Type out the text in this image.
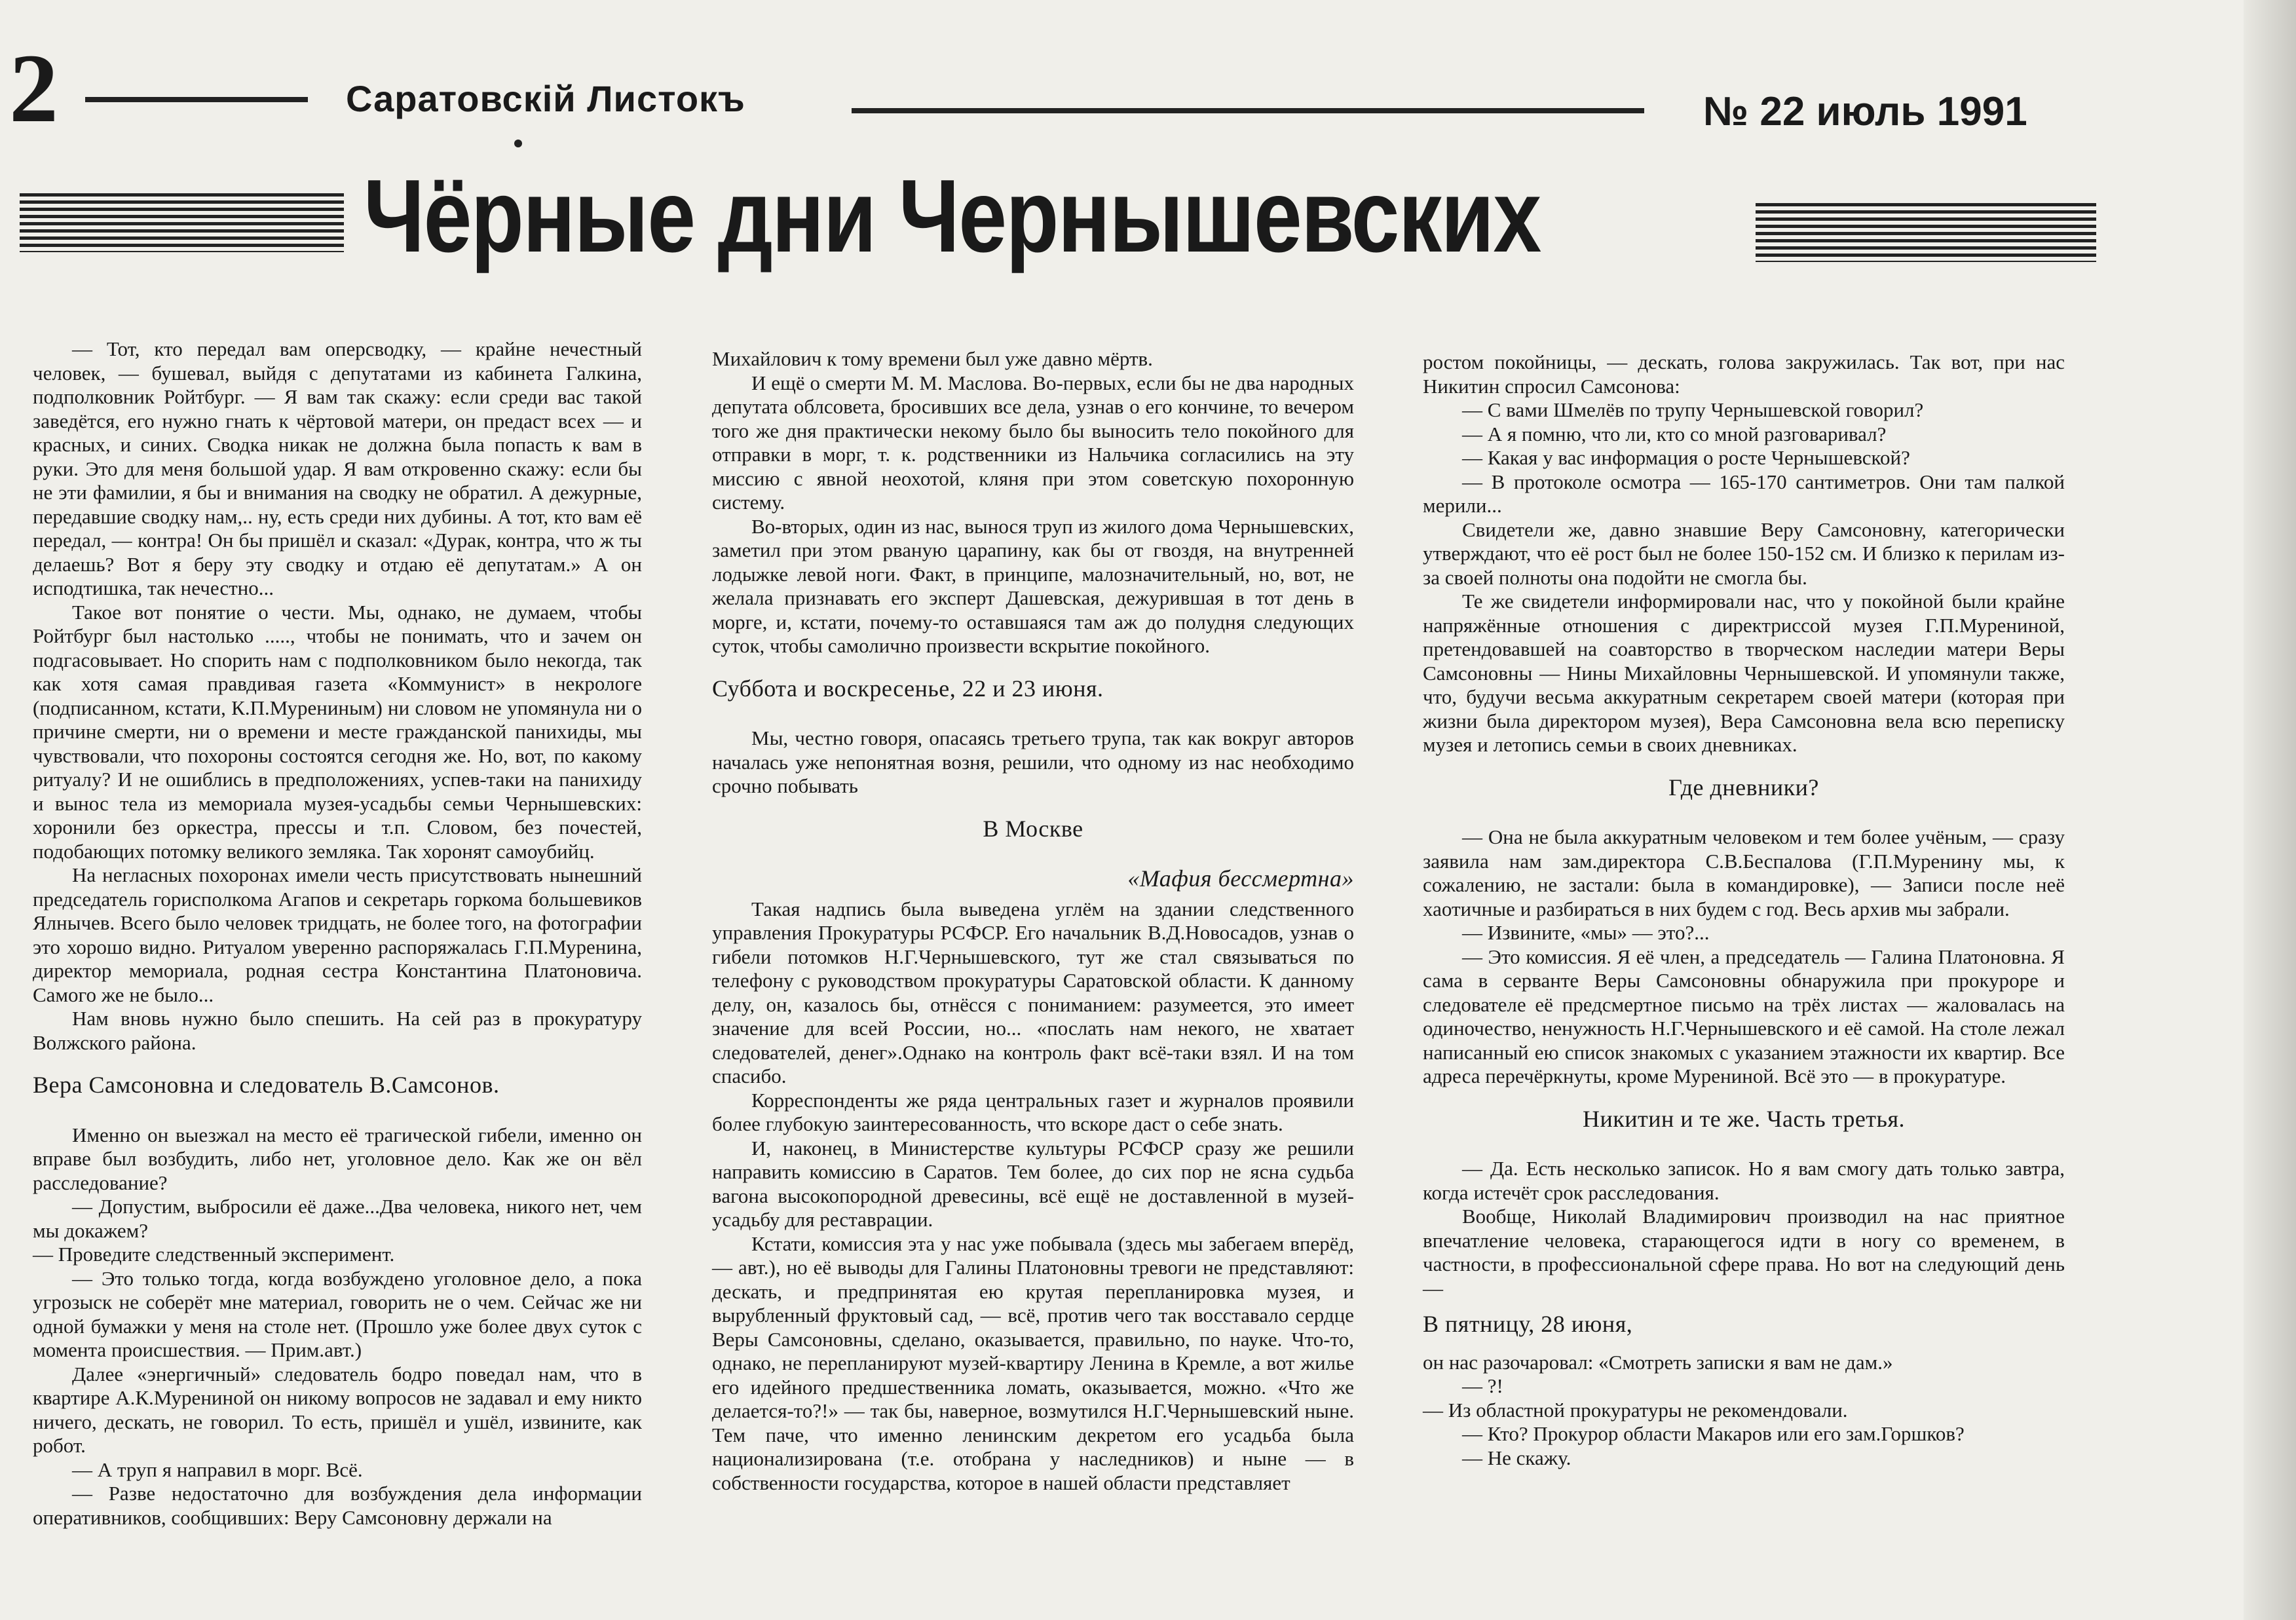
2	Саратовскій Листокъ	№ 22 июль 1991
Чёрные дни Чернышевских

— Тот, кто передал вам оперсводку, — крайне нечестный человек, — бушевал, выйдя с депутатами из кабинета Галкина, подполковник Ройтбург. — Я вам так скажу: если среди вас такой заведётся, его нужно гнать к чёртовой матери, он предаст всех — и красных, и синих. Сводка никак не должна была попасть к вам в руки. Это для меня большой удар. Я вам откровенно скажу: если бы не эти фамилии, я бы и внимания на сводку не обратил. А дежурные, передавшие сводку нам,.. ну, есть среди них дубины. А тот, кто вам её передал, — контра! Он бы пришёл и сказал: «Дурак, контра, что ж ты делаешь? Вот я беру эту сводку и отдаю её депутатам.» А он исподтишка, так нечестно...

Такое вот понятие о чести. Мы, однако, не думаем, чтобы Ройтбург был настолько ....., чтобы не понимать, что и зачем он подгасовывает. Но спорить нам с подполковником было некогда, так как хотя самая правдивая газета «Коммунист» в некрологе (подписанном, кстати, К.П.Мурениным) ни словом не упомянула ни о причине смерти, ни о времени и месте гражданской панихиды, мы чувствовали, что похороны состоятся сегодня же. Но, вот, по какому ритуалу? И не ошиблись в предположениях, успев-таки на панихиду и вынос тела из мемориала музея-усадьбы семьи Чернышевских: хоронили без оркестра, прессы и т.п. Словом, без почестей, подобающих потомку великого земляка. Так хоронят самоубийц.

На негласных похоронах имели честь присутствовать нынешний председатель горисполкома Агапов и секретарь горкома большевиков Ялнычев. Всего было человек тридцать, не более того, на фотографии это хорошо видно. Ритуалом уверенно распоряжалась Г.П.Муренина, директор мемориала, родная сестра Константина Платоновича. Самого же не было...

Нам вновь нужно было спешить. На сей раз в прокуратуру Волжского района.

Вера Самсоновна и следователь В.Самсонов.

Именно он выезжал на место её трагической гибели, именно он вправе был возбудить, либо нет, уголовное дело. Как же он вёл расследование?

— Допустим, выбросили её даже...Два человека, никого нет, чем мы докажем?

— Проведите следственный эксперимент.

— Это только тогда, когда возбуждено уголовное дело, а пока угрозыск не соберёт мне материал, говорить не о чем. Сейчас же ни одной бумажки у меня на столе нет. (Прошло уже более двух суток с момента происшествия. — Прим.авт.)

Далее «энергичный» следователь бодро поведал нам, что в квартире А.К.Мурениной он никому вопросов не задавал и ему никто ничего, дескать, не говорил. То есть, пришёл и ушёл, извините, как робот.

— А труп я направил в морг. Всё.

— Разве недостаточно для возбуждения дела информации оперативников, сообщивших: Веру Самсоновну держали на

Михайлович к тому времени был уже давно мёртв.

И ещё о смерти М. М. Маслова. Во-первых, если бы не два народных депутата облсовета, бросивших все дела, узнав о его кончине, то вечером того же дня практически некому было бы выносить тело покойного для отправки в морг, т. к. родственники из Нальчика согласились на эту миссию с явной неохотой, кляня при этом советскую похоронную систему.

Во-вторых, один из нас, вынося труп из жилого дома Чернышевских, заметил при этом рваную царапину, как бы от гвоздя, на внутренней лодыжке левой ноги. Факт, в принципе, малозначительный, но, вот, не желала признавать его эксперт Дашевская, дежурившая в тот день в морге, и, кстати, почему-то оставшаяся там аж до полудня следующих суток, чтобы самолично произвести вскрытие покойного.

Суббота и воскресенье, 22 и 23 июня.

Мы, честно говоря, опасаясь третьего трупа, так как вокруг авторов началась уже непонятная возня, решили, что одному из нас необходимо срочно побывать

В Москве

«Мафия бессмертна»

Такая надпись была выведена углём на здании следственного управления Прокуратуры РСФСР. Его начальник В.Д.Новосадов, узнав о гибели потомков Н.Г.Чернышевского, тут же стал связываться по телефону с руководством прокуратуры Саратовской области. К данному делу, он, казалось бы, отнёсся с пониманием: разумеется, это имеет значение для всей России, но... «послать нам некого, не хватает следователей, денег».Однако на контроль факт всё-таки взял. И на том спасибо.

Корреспонденты же ряда центральных газет и журналов проявили более глубокую заинтересованность, что вскоре даст о себе знать.

И, наконец, в Министерстве культуры РСФСР сразу же решили направить комиссию в Саратов. Тем более, до сих пор не ясна судьба вагона высокопородной древесины, всё ещё не доставленной в музей-усадьбу для реставрации.

Кстати, комиссия эта у нас уже побывала (здесь мы забегаем вперёд, — авт.), но её выводы для Галины Платоновны тревоги не представляют: дескать, и предпринятая ею крутая перепланировка музея, и вырубленный фруктовый сад, — всё, против чего так восставало сердце Веры Самсоновны, сделано, оказывается, правильно, по науке. Что-то, однако, не перепланируют музей-квартиру Ленина в Кремле, а вот жилье его идейного предшественника ломать, оказывается, можно. «Что же делается-то?!» — так бы, наверное, возмутился Н.Г.Чернышевский ныне. Тем паче, что именно ленинским декретом его усадьба была национализирована (т.е. отобрана у наследников) и ныне — в собственности государства, которое в нашей области представляет

ростом покойницы, — дескать, голова закружилась. Так вот, при нас Никитин спросил Самсонова:

— С вами Шмелёв по трупу Чернышевской говорил?

— А я помню, что ли, кто со мной разговаривал?

— Какая у вас информация о росте Чернышевской?

— В протоколе осмотра — 165-170 сантиметров. Они там палкой мерили...

Свидетели же, давно знавшие Веру Самсоновну, категорически утверждают, что её рост был не более 150-152 см. И близко к перилам из-за своей полноты она подойти не смогла бы.

Те же свидетели информировали нас, что у покойной были крайне напряжённые отношения с директриссой музея Г.П.Мурениной, претендовавшей на соавторство в творческом наследии матери Веры Самсоновны — Нины Михайловны Чернышевской. И упомянули также, что, будучи весьма аккуратным секретарем своей матери (которая при жизни была директором музея), Вера Самсоновна вела всю переписку музея и летопись семьи в своих дневниках.

Где дневники?

— Она не была аккуратным человеком и тем более учёным, — сразу заявила нам зам.директора С.В.Беспалова (Г.П.Муренину мы, к сожалению, не застали: была в командировке), — Записи после неё хаотичные и разбираться в них будем с год. Весь архив мы забрали.

— Извините, «мы» — это?...

— Это комиссия. Я её член, а председатель — Галина Платоновна. Я сама в серванте Веры Самсоновны обнаружила при прокуроре и следователе её предсмертное письмо на трёх листах — жаловалась на одиночество, ненужность Н.Г.Чернышевского и её самой. На столе лежал написанный ею список знакомых с указанием этажности их квартир. Все адреса перечёркнуты, кроме Мурениной. Всё это — в прокуратуре.

Никитин и те же. Часть третья.

— Да. Есть несколько записок. Но я вам смогу дать только завтра, когда истечёт срок расследования.

Вообще, Николай Владимирович производил на нас приятное впечатление человека, старающегося идти в ногу со временем, в частности, в профессиональной сфере права. Но вот на следующий день —

В пятницу, 28 июня,

он нас разочаровал: «Смотреть записки я вам не дам.»

— ?!

— Из областной прокуратуры не рекомендовали.

— Кто? Прокурор области Макаров или его зам.Горшков?

— Не скажу.
